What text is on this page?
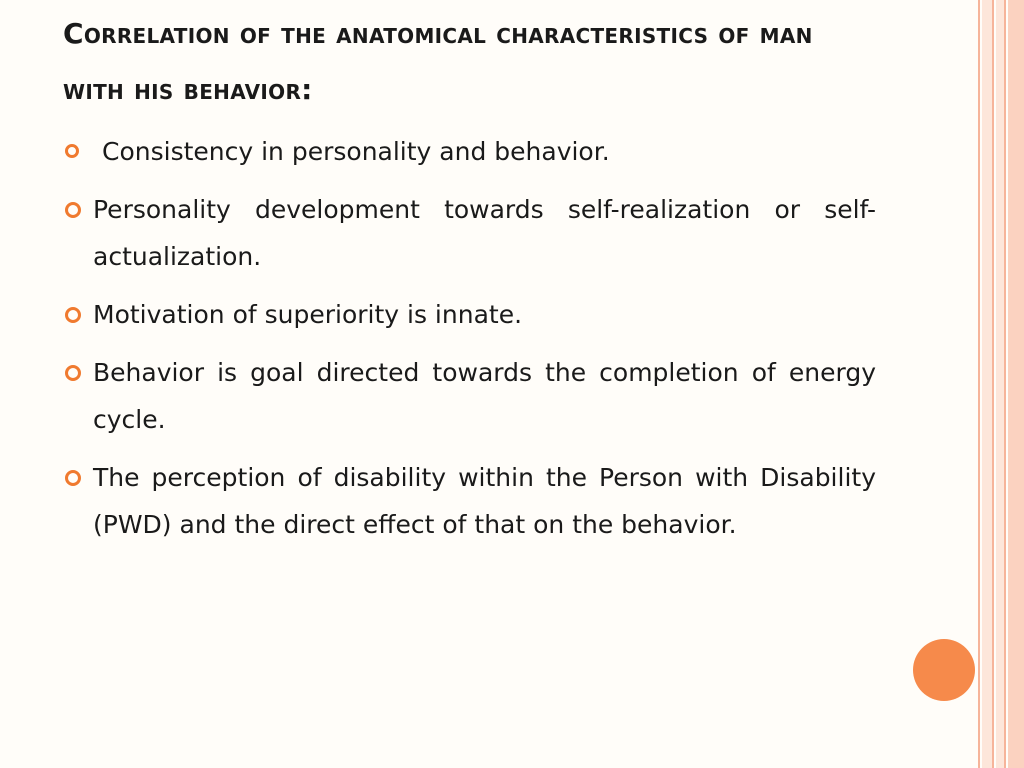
Correlation of the anatomical characteristics of man with his behavior:
Consistency in personality and behavior.
Personality development towards self-realization or self-actualization.
Motivation of superiority is innate.
Behavior is goal directed towards the completion of energy cycle.
The perception of disability within the Person with Disability (PWD) and the direct effect of that on the behavior.
